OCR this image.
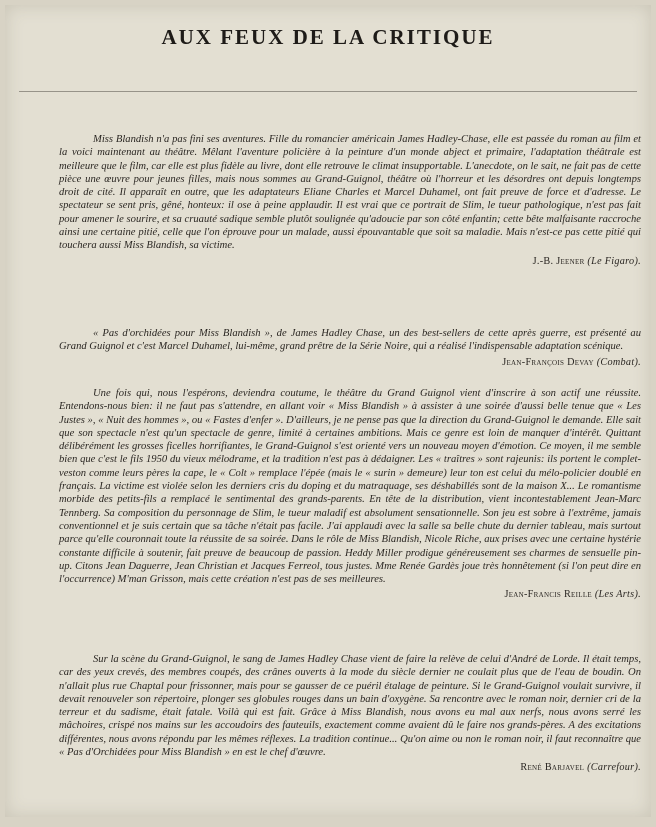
AUX FEUX DE LA CRITIQUE

Miss Blandish n'a pas fini ses aventures. Fille du romancier américain James Hadley-Chase, elle est passée du roman au film et la voici maintenant au théâtre. Mêlant l'aventure policière à la peinture d'un monde abject et primaire, l'adaptation théâtrale est meilleure que le film, car elle est plus fidèle au livre, dont elle retrouve le climat insupportable. L'anecdote, on le sait, ne fait pas de cette pièce une œuvre pour jeunes filles, mais nous sommes au Grand-Guignol, théâtre où l'horreur et les désordres ont depuis longtemps droit de cité. Il apparaît en outre, que les adaptateurs Eliane Charles et Marcel Duhamel, ont fait preuve de force et d'adresse. Le spectateur se sent pris, gêné, honteux: il ose à peine applaudir. Il est vrai que ce portrait de Slim, le tueur pathologique, n'est pas fait pour amener le sourire, et sa cruauté sadique semble plutôt soulignée qu'adoucie par son côté enfantin; cette bête malfaisante raccroche ainsi une certaine pitié, celle que l'on éprouve pour un malade, aussi épouvantable que soit sa maladie. Mais n'est-ce pas cette pitié qui touchera aussi Miss Blandish, sa victime.

J.-B. Jeener (Le Figaro).

« Pas d'orchidées pour Miss Blandish », de James Hadley Chase, un des best-sellers de cette après guerre, est présenté au Grand Guignol et c'est Marcel Duhamel, lui-même, grand prêtre de la Série Noire, qui a réalisé l'indispensable adaptation scénique.

Jean-François Devay (Combat).

Une fois qui, nous l'espérons, deviendra coutume, le théâtre du Grand Guignol vient d'inscrire à son actif une réussite. Entendons-nous bien: il ne faut pas s'attendre, en allant voir « Miss Blandish » à assister à une soirée d'aussi belle tenue que « Les Justes », « Nuit des hommes », ou « Fastes d'enfer ». D'ailleurs, je ne pense pas que la direction du Grand-Guignol le demande. Elle sait que son spectacle n'est qu'un spectacle de genre, limité à certaines ambitions. Mais ce genre est loin de manquer d'intérêt. Quittant délibérément les grosses ficelles horrifiantes, le Grand-Guignol s'est orienté vers un nouveau moyen d'émotion. Ce moyen, il me semble bien que c'est le fils 1950 du vieux mélodrame, et la tradition n'est pas à dédaigner. Les « traîtres » sont rajeunis: ils portent le complet-veston comme leurs pères la cape, le « Colt » remplace l'épée (mais le « surin » demeure) leur ton est celui du mélo-policier doublé en français. La victime est violée selon les derniers cris du doping et du matraquage, ses déshabillés sont de la maison X... Le romantisme morbide des petits-fils a remplacé le sentimental des grands-parents. En tête de la distribution, vient incontestablement Jean-Marc Tennberg. Sa composition du personnage de Slim, le tueur maladif est absolument sensationnelle. Son jeu est sobre à l'extrême, jamais conventionnel et je suis certain que sa tâche n'était pas facile. J'ai applaudi avec la salle sa belle chute du dernier tableau, mais surtout parce qu'elle couronnait toute la réussite de sa soirée. Dans le rôle de Miss Blandish, Nicole Riche, aux prises avec une certaine hystérie constante difficile à soutenir, fait preuve de beaucoup de passion. Heddy Miller prodigue généreusement ses charmes de sensuelle pin-up. Citons Jean Daguerre, Jean Christian et Jacques Ferreol, tous justes. Mme Renée Gardès joue très honnêtement (si l'on peut dire en l'occurrence) M'man Grisson, mais cette création n'est pas de ses meilleures.

Jean-Francis Reille (Les Arts).

Sur la scène du Grand-Guignol, le sang de James Hadley Chase vient de faire la relève de celui d'André de Lorde. Il était temps, car des yeux crevés, des membres coupés, des crânes ouverts à la mode du siècle dernier ne coulait plus que de l'eau de boudin. On n'allait plus rue Chaptal pour frissonner, mais pour se gausser de ce puéril étalage de peinture. Si le Grand-Guignol voulait survivre, il devait renouveler son répertoire, plonger ses globules rouges dans un bain d'oxygène. Sa rencontre avec le roman noir, dernier cri de la terreur et du sadisme, était fatale. Voilà qui est fait. Grâce à Miss Blandish, nous avons eu mal aux nerfs, nous avons serré les mâchoires, crispé nos mains sur les accoudoirs des fauteuils, exactement comme avaient dû le faire nos grands-pères. A des excitations différentes, nous avons répondu par les mêmes réflexes. La tradition continue... Qu'on aime ou non le roman noir, il faut reconnaître que « Pas d'Orchidées pour Miss Blandish » en est le chef d'œuvre.

René Barjavel (Carrefour).
